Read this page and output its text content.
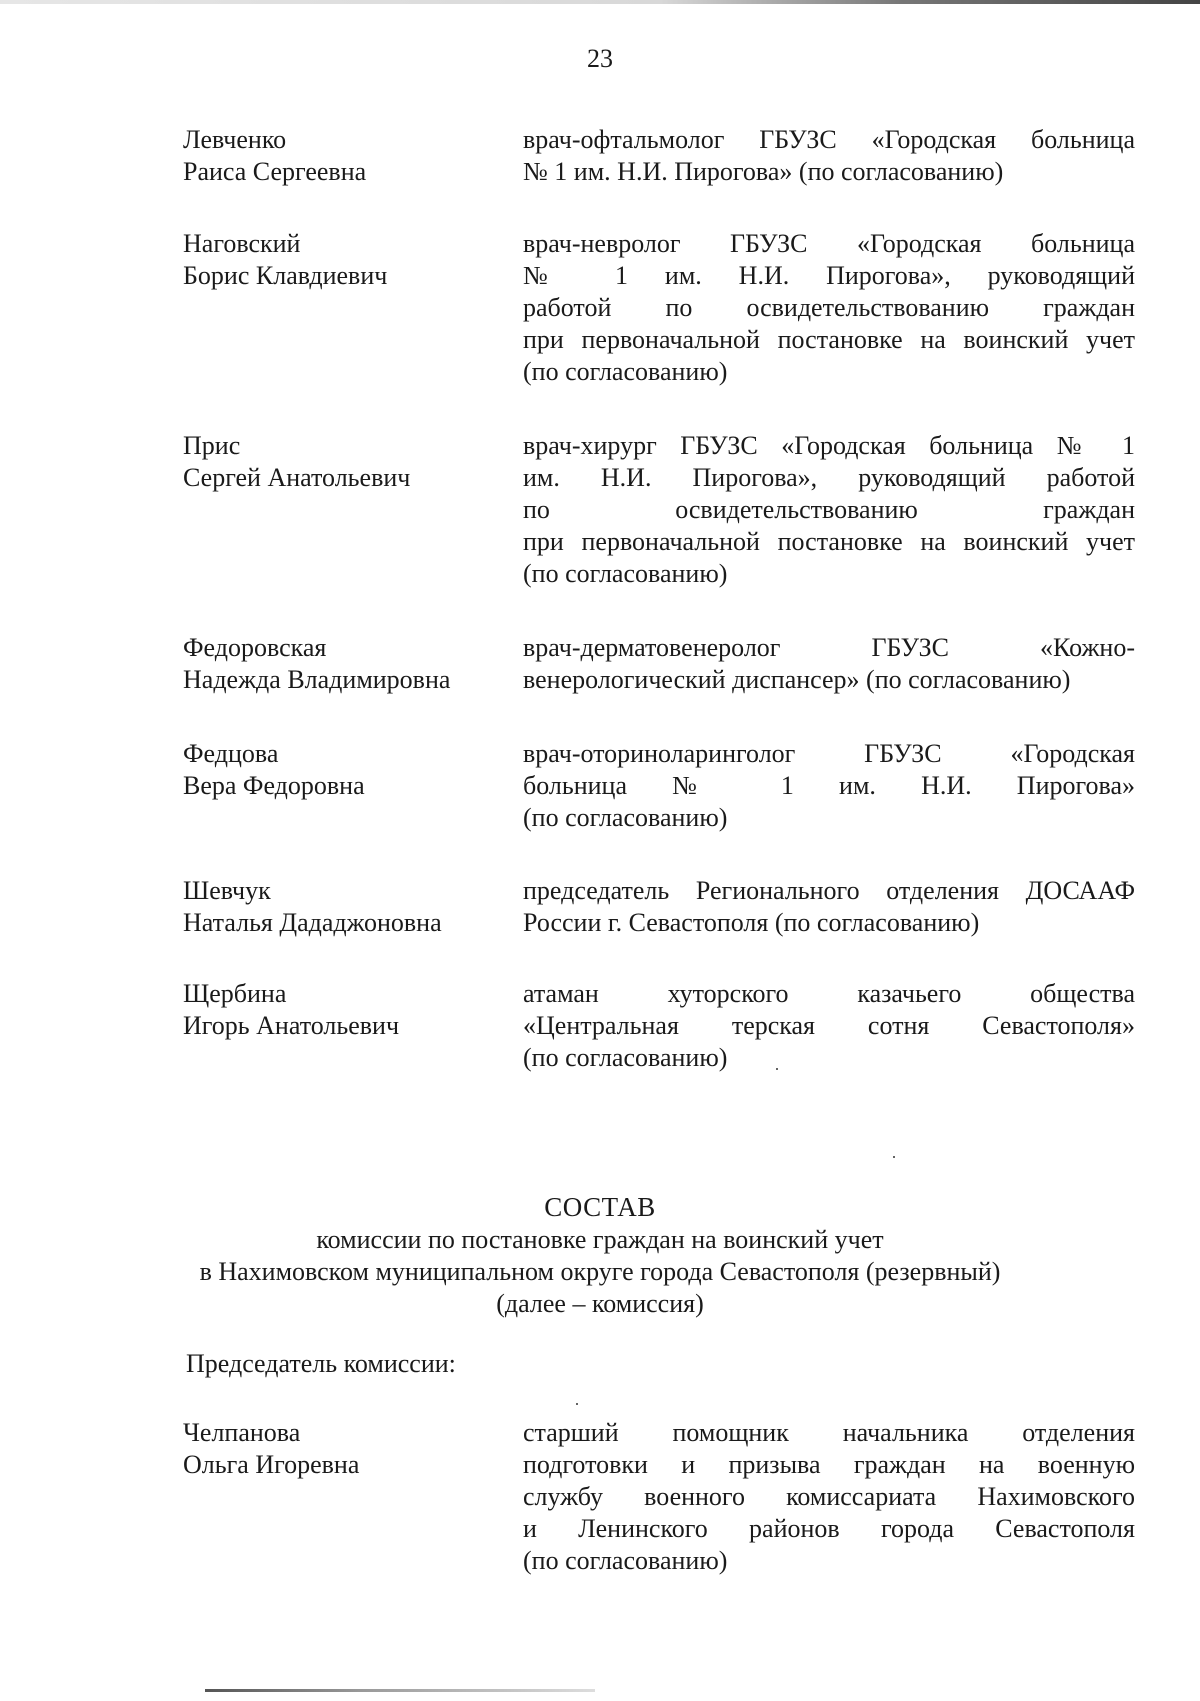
23
Левченко
Раиса Сергеевна
врач-офтальмолог ГБУЗС «Городская больница
№ 1 им. Н.И. Пирогова» (по согласованию)
Наговский
Борис Клавдиевич
врач-невролог ГБУЗС «Городская больница
№ 1 им. Н.И. Пирогова», руководящий
работой по освидетельствованию граждан
при первоначальной постановке на воинский учет
(по согласованию)
Прис
Сергей Анатольевич
врач-хирург ГБУЗС «Городская больница № 1
им. Н.И. Пирогова», руководящий работой
по освидетельствованию граждан
при первоначальной постановке на воинский учет
(по согласованию)
Федоровская
Надежда Владимировна
врач-дерматовенеролог ГБУЗС «Кожно-
венерологический диспансер» (по согласованию)
Федцова
Вера Федоровна
врач-оториноларинголог ГБУЗС «Городская
больница № 1 им. Н.И. Пирогова»
(по согласованию)
Шевчук
Наталья Дададжоновна
председатель Регионального отделения ДОСААФ
России г. Севастополя (по согласованию)
Щербина
Игорь Анатольевич
атаман хуторского казачьего общества
«Центральная терская сотня Севастополя»
(по согласованию)
СОСТАВ
комиссии по постановке граждан на воинский учет
в Нахимовском муниципальном округе города Севастополя (резервный)
(далее – комиссия)
Председатель комиссии:
Челпанова
Ольга Игоревна
старший помощник начальника отделения
подготовки и призыва граждан на военную
службу военного комиссариата Нахимовского
и Ленинского районов города Севастополя
(по согласованию)
